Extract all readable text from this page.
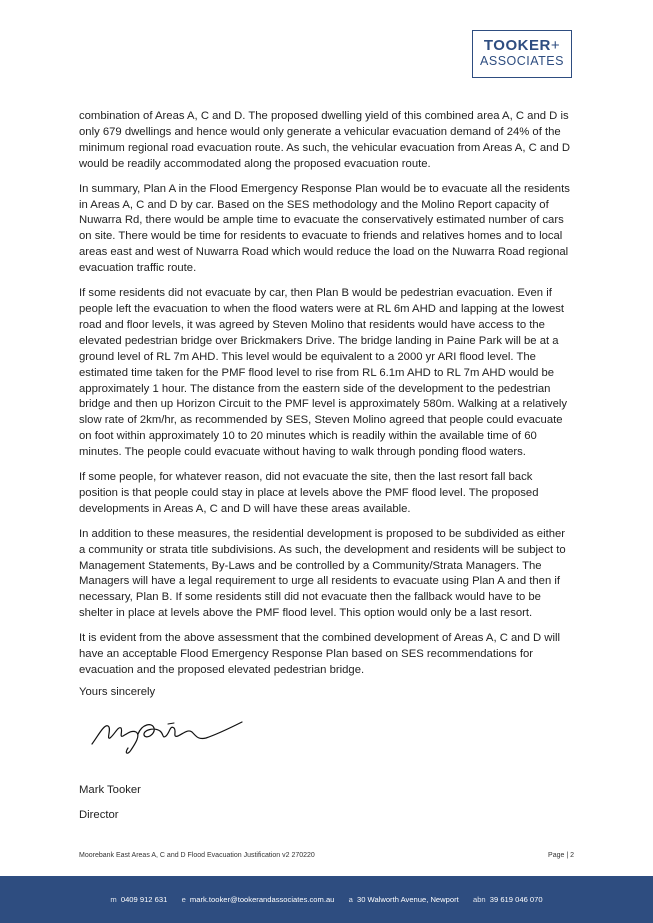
TOOKER+
ASSOCIATES

combination of Areas A, C and D. The proposed dwelling yield of this combined area A, C and D is only 679 dwellings and hence would only generate a vehicular evacuation demand of 24% of the minimum regional road evacuation route. As such, the vehicular evacuation from Areas A, C and D would be readily accommodated along the proposed evacuation route.

In summary, Plan A in the Flood Emergency Response Plan would be to evacuate all the residents in Areas A, C and D by car. Based on the SES methodology and the Molino Report capacity of Nuwarra Rd, there would be ample time to evacuate the conservatively estimated number of cars on site. There would be time for residents to evacuate to friends and relatives homes and to local areas east and west of Nuwarra Road which would reduce the load on the Nuwarra Road regional evacuation traffic route.

If some residents did not evacuate by car, then Plan B would be pedestrian evacuation. Even if people left the evacuation to when the flood waters were at RL 6m AHD and lapping at the lowest road and floor levels, it was agreed by Steven Molino that residents would have access to the elevated pedestrian bridge over Brickmakers Drive. The bridge landing in Paine Park will be at a ground level of RL 7m AHD. This level would be equivalent to a 2000 yr ARI flood level. The estimated time taken for the PMF flood level to rise from RL 6.1m AHD to RL 7m AHD would be approximately 1 hour. The distance from the eastern side of the development to the pedestrian bridge and then up Horizon Circuit to the PMF level is approximately 580m. Walking at a relatively slow rate of 2km/hr, as recommended by SES, Steven Molino agreed that people could evacuate on foot within approximately 10 to 20 minutes which is readily within the available time of 60 minutes. The people could evacuate without having to walk through ponding flood waters.

If some people, for whatever reason, did not evacuate the site, then the last resort fall back position is that people could stay in place at levels above the PMF flood level. The proposed developments in Areas A, C and D will have these areas available.

In addition to these measures, the residential development is proposed to be subdivided as either a community or strata title subdivisions. As such, the development and residents will be subject to Management Statements, By-Laws and be controlled by a Community/Strata Managers. The Managers will have a legal requirement to urge all residents to evacuate using Plan A and then if necessary, Plan B. If some residents still did not evacuate then the fallback would have to be shelter in place at levels above the PMF flood level. This option would only be a last resort.

It is evident from the above assessment that the combined development of Areas A, C and D will have an acceptable Flood Emergency Response Plan based on SES recommendations for evacuation and the proposed elevated pedestrian bridge.

Yours sincerely
Mark Tooker
Director
Moorebank East Areas A, C and D Flood Evacuation Justification v2 270220	Page | 2
m 0409 912 631 e mark.tooker@tookerandassociates.com.au a 30 Walworth Avenue, Newport abn 39 619 046 070
